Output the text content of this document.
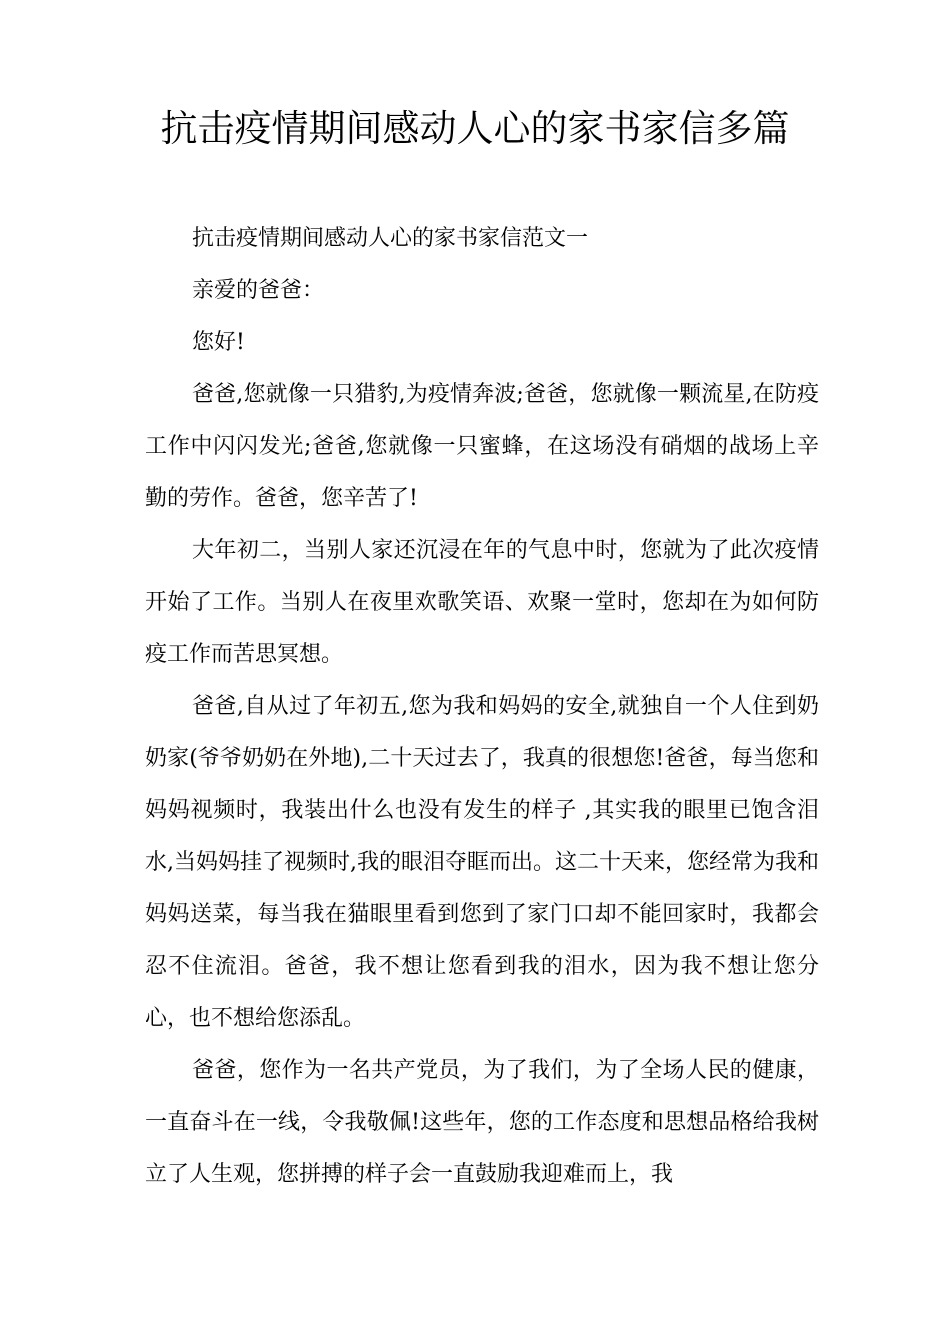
抗击疫情期间感动人心的家书家信多篇

抗击疫情期间感动人心的家书家信范文一

亲爱的爸爸：

您好!

爸爸,您就像一只猎豹,为疫情奔波;爸爸，您就像一颗流星,在防疫工作中闪闪发光;爸爸,您就像一只蜜蜂，在这场没有硝烟的战场上辛勤的劳作。爸爸，您辛苦了!

大年初二，当别人家还沉浸在年的气息中时，您就为了此次疫情开始了工作。当别人在夜里欢歌笑语、欢聚一堂时，您却在为如何防疫工作而苦思冥想。

爸爸,自从过了年初五,您为我和妈妈的安全,就独自一个人住到奶奶家(爷爷奶奶在外地),二十天过去了，我真的很想您!爸爸，每当您和妈妈视频时，我装出什么也没有发生的样子 ,其实我的眼里已饱含泪水,当妈妈挂了视频时,我的眼泪夺眶而出。这二十天来，您经常为我和妈妈送菜，每当我在猫眼里看到您到了家门口却不能回家时，我都会忍不住流泪。爸爸，我不想让您看到我的泪水，因为我不想让您分心，也不想给您添乱。

爸爸，您作为一名共产党员，为了我们，为了全场人民的健康，一直奋斗在一线，令我敬佩!这些年，您的工作态度和思想品格给我树立了人生观，您拼搏的样子会一直鼓励我迎难而上，我
